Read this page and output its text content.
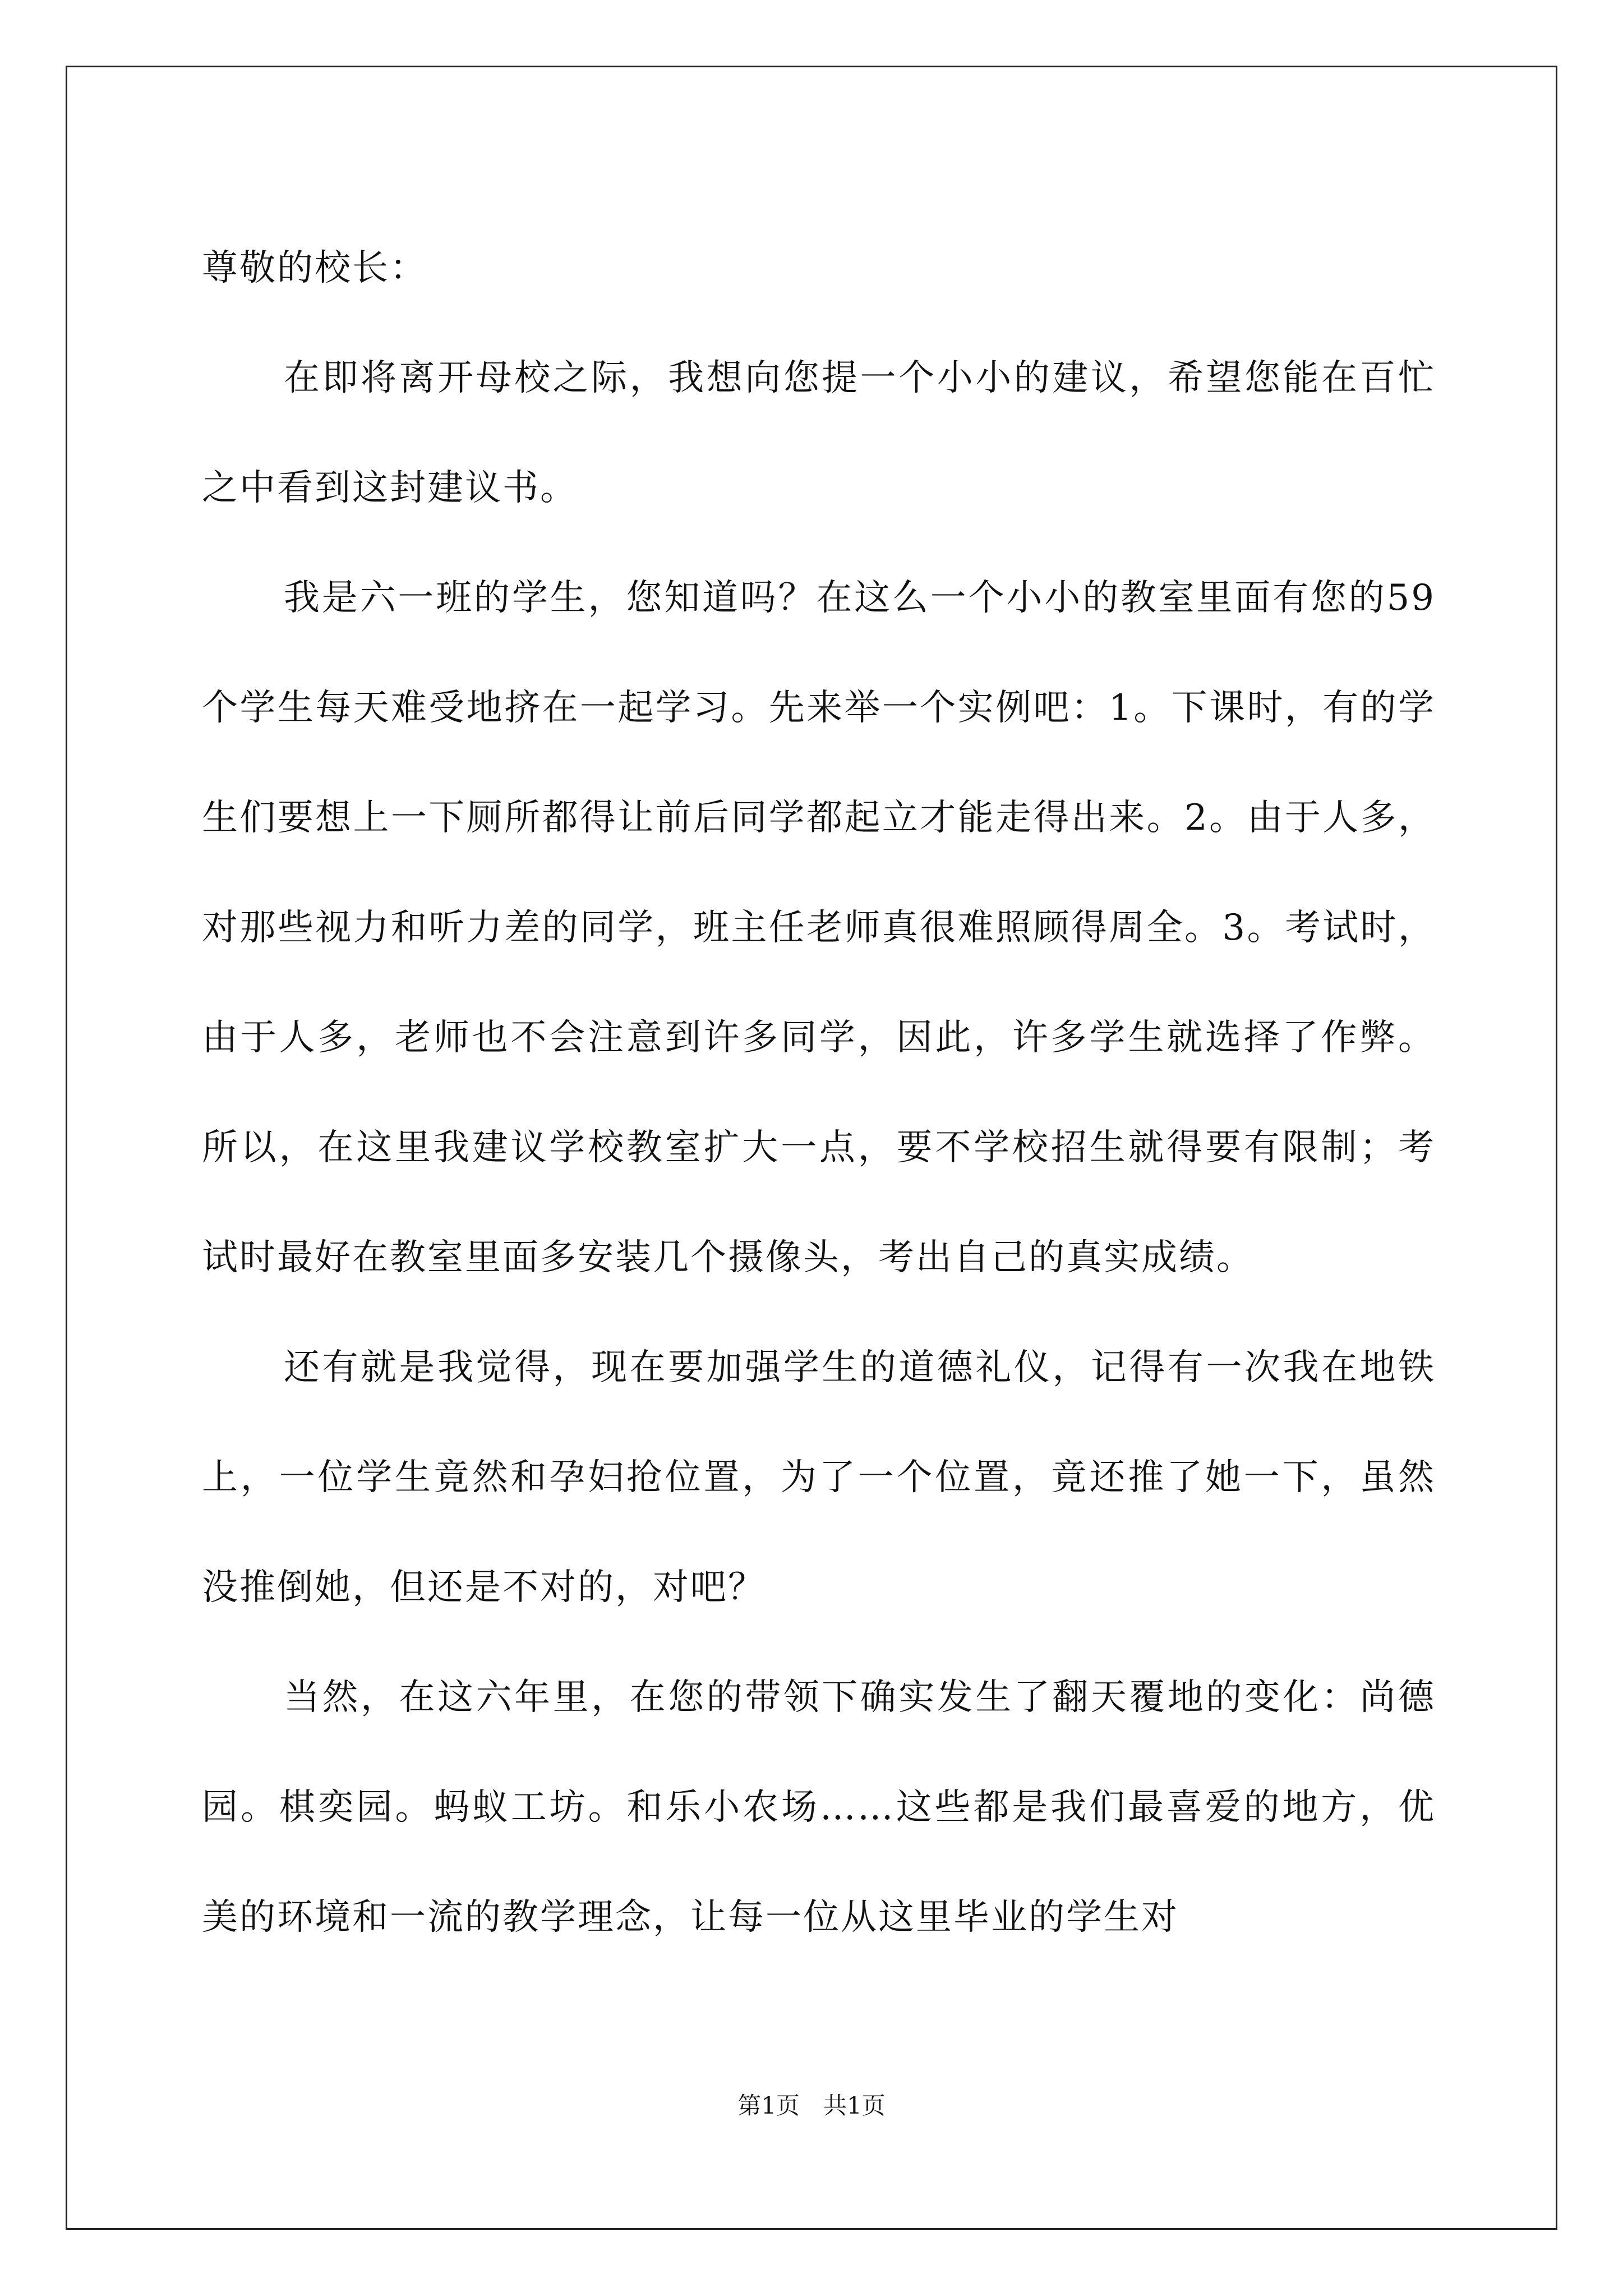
尊敬的校长：

在即将离开母校之际，我想向您提一个小小的建议，希望您能在百忙之中看到这封建议书。

我是六一班的学生，您知道吗？在这么一个小小的教室里面有您的59个学生每天难受地挤在一起学习。先来举一个实例吧：1。下课时，有的学生们要想上一下厕所都得让前后同学都起立才能走得出来。2。由于人多，对那些视力和听力差的同学，班主任老师真很难照顾得周全。3。考试时，由于人多，老师也不会注意到许多同学，因此，许多学生就选择了作弊。所以，在这里我建议学校教室扩大一点，要不学校招生就得要有限制；考试时最好在教室里面多安装几个摄像头，考出自己的真实成绩。

还有就是我觉得，现在要加强学生的道德礼仪，记得有一次我在地铁上，一位学生竟然和孕妇抢位置，为了一个位置，竟还推了她一下，虽然没推倒她，但还是不对的，对吧？

当然，在这六年里，在您的带领下确实发生了翻天覆地的变化：尚德园。棋奕园。蚂蚁工坊。和乐小农场……这些都是我们最喜爱的地方，优美的环境和一流的教学理念，让每一位从这里毕业的学生对

第1页　共1页
